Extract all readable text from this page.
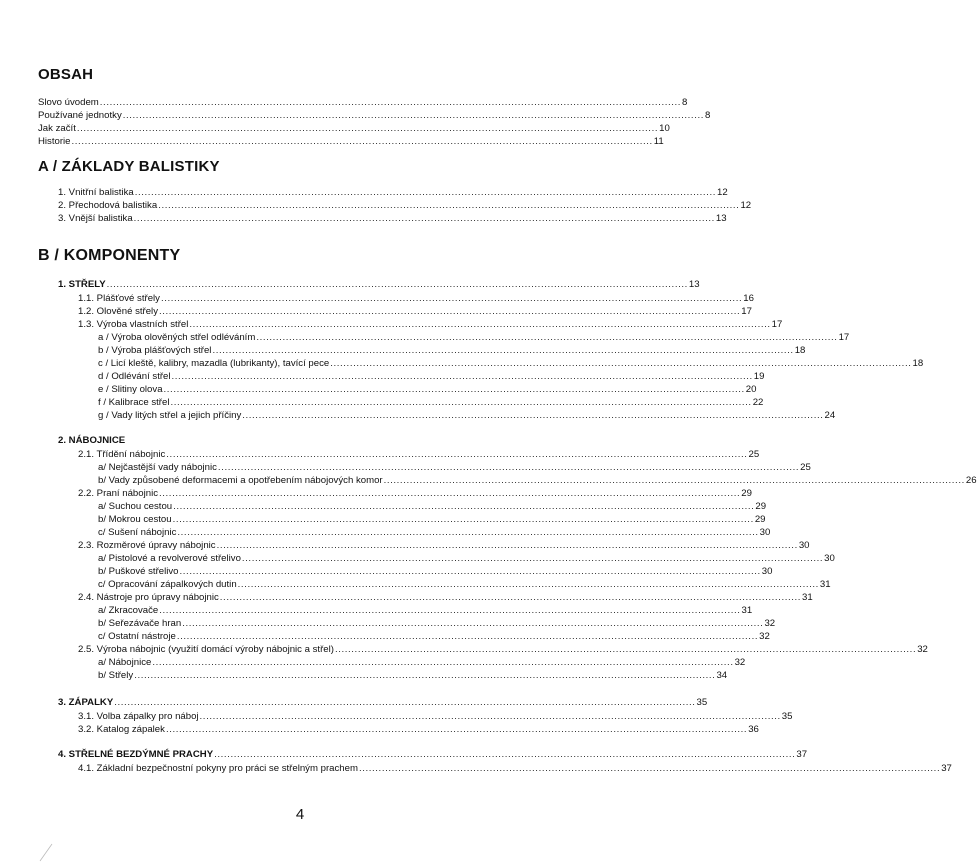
OBSAH
Slovo úvodem .................................................................................................................................................................................. 8
Používané jednotky .................................................................................................................................................................................. 8
Jak začít .................................................................................................................................................................................. 10
Historie .................................................................................................................................................................................. 11
A / ZÁKLADY BALISTIKY
1. Vnitřní balistika .................................................................................................................................................................................. 12
2. Přechodová balistika .................................................................................................................................................................................. 12
3. Vnější balistika .................................................................................................................................................................................. 13
B / KOMPONENTY
1. STŘELY .................................................................................................................................................................................. 13
1.1. Plášťové střely .................................................................................................................................................................................. 16
1.2. Olověné střely .................................................................................................................................................................................. 17
1.3. Výroba vlastních střel .................................................................................................................................................................................. 17
a / Výroba olověných střel odléváním .................................................................................................................................................................................. 17
b / Výroba plášťových střel .................................................................................................................................................................................. 18
c / Licí kleště, kalibry, mazadla (lubrikanty), tavící pece .................................................................................................................................................................................. 18
d / Odlévání střel .................................................................................................................................................................................. 19
e / Slitiny olova .................................................................................................................................................................................. 20
f / Kalibrace střel .................................................................................................................................................................................. 22
g / Vady litých střel a jejich příčiny .................................................................................................................................................................................. 24
2. NÁBOJNICE
2.1. Třídění nábojnic .................................................................................................................................................................................. 25
a/ Nejčastější vady nábojnic .................................................................................................................................................................................. 25
b/ Vady způsobené deformacemi a opotřebením nábojových komor .................................................................................................................................................................................. 26
2.2. Praní nábojnic .................................................................................................................................................................................. 29
a/ Suchou cestou .................................................................................................................................................................................. 29
b/ Mokrou cestou .................................................................................................................................................................................. 29
c/ Sušení nábojnic .................................................................................................................................................................................. 30
2.3. Rozměrové úpravy nábojnic .................................................................................................................................................................................. 30
a/ Pistolové a revolverové střelivo .................................................................................................................................................................................. 30
b/ Puškové střelivo .................................................................................................................................................................................. 30
c/ Opracování zápalkových dutin .................................................................................................................................................................................. 31
2.4. Nástroje pro úpravy nábojnic .................................................................................................................................................................................. 31
a/ Zkracovače .................................................................................................................................................................................. 31
b/ Seřezávače hran .................................................................................................................................................................................. 32
c/ Ostatní nástroje .................................................................................................................................................................................. 32
2.5. Výroba nábojnic (využití domácí výroby nábojnic a střel) .................................................................................................................................................................................. 32
a/ Nábojnice .................................................................................................................................................................................. 32
b/ Střely .................................................................................................................................................................................. 34
3. ZÁPALKY .................................................................................................................................................................................. 35
3.1. Volba zápalky pro náboj .................................................................................................................................................................................. 35
3.2. Katalog zápalek .................................................................................................................................................................................. 36
4. STŘELNÉ BEZDÝMNÉ PRACHY .................................................................................................................................................................................. 37
4.1. Základní bezpečnostní pokyny pro práci se střelným prachem .................................................................................................................................................................................. 37
4
